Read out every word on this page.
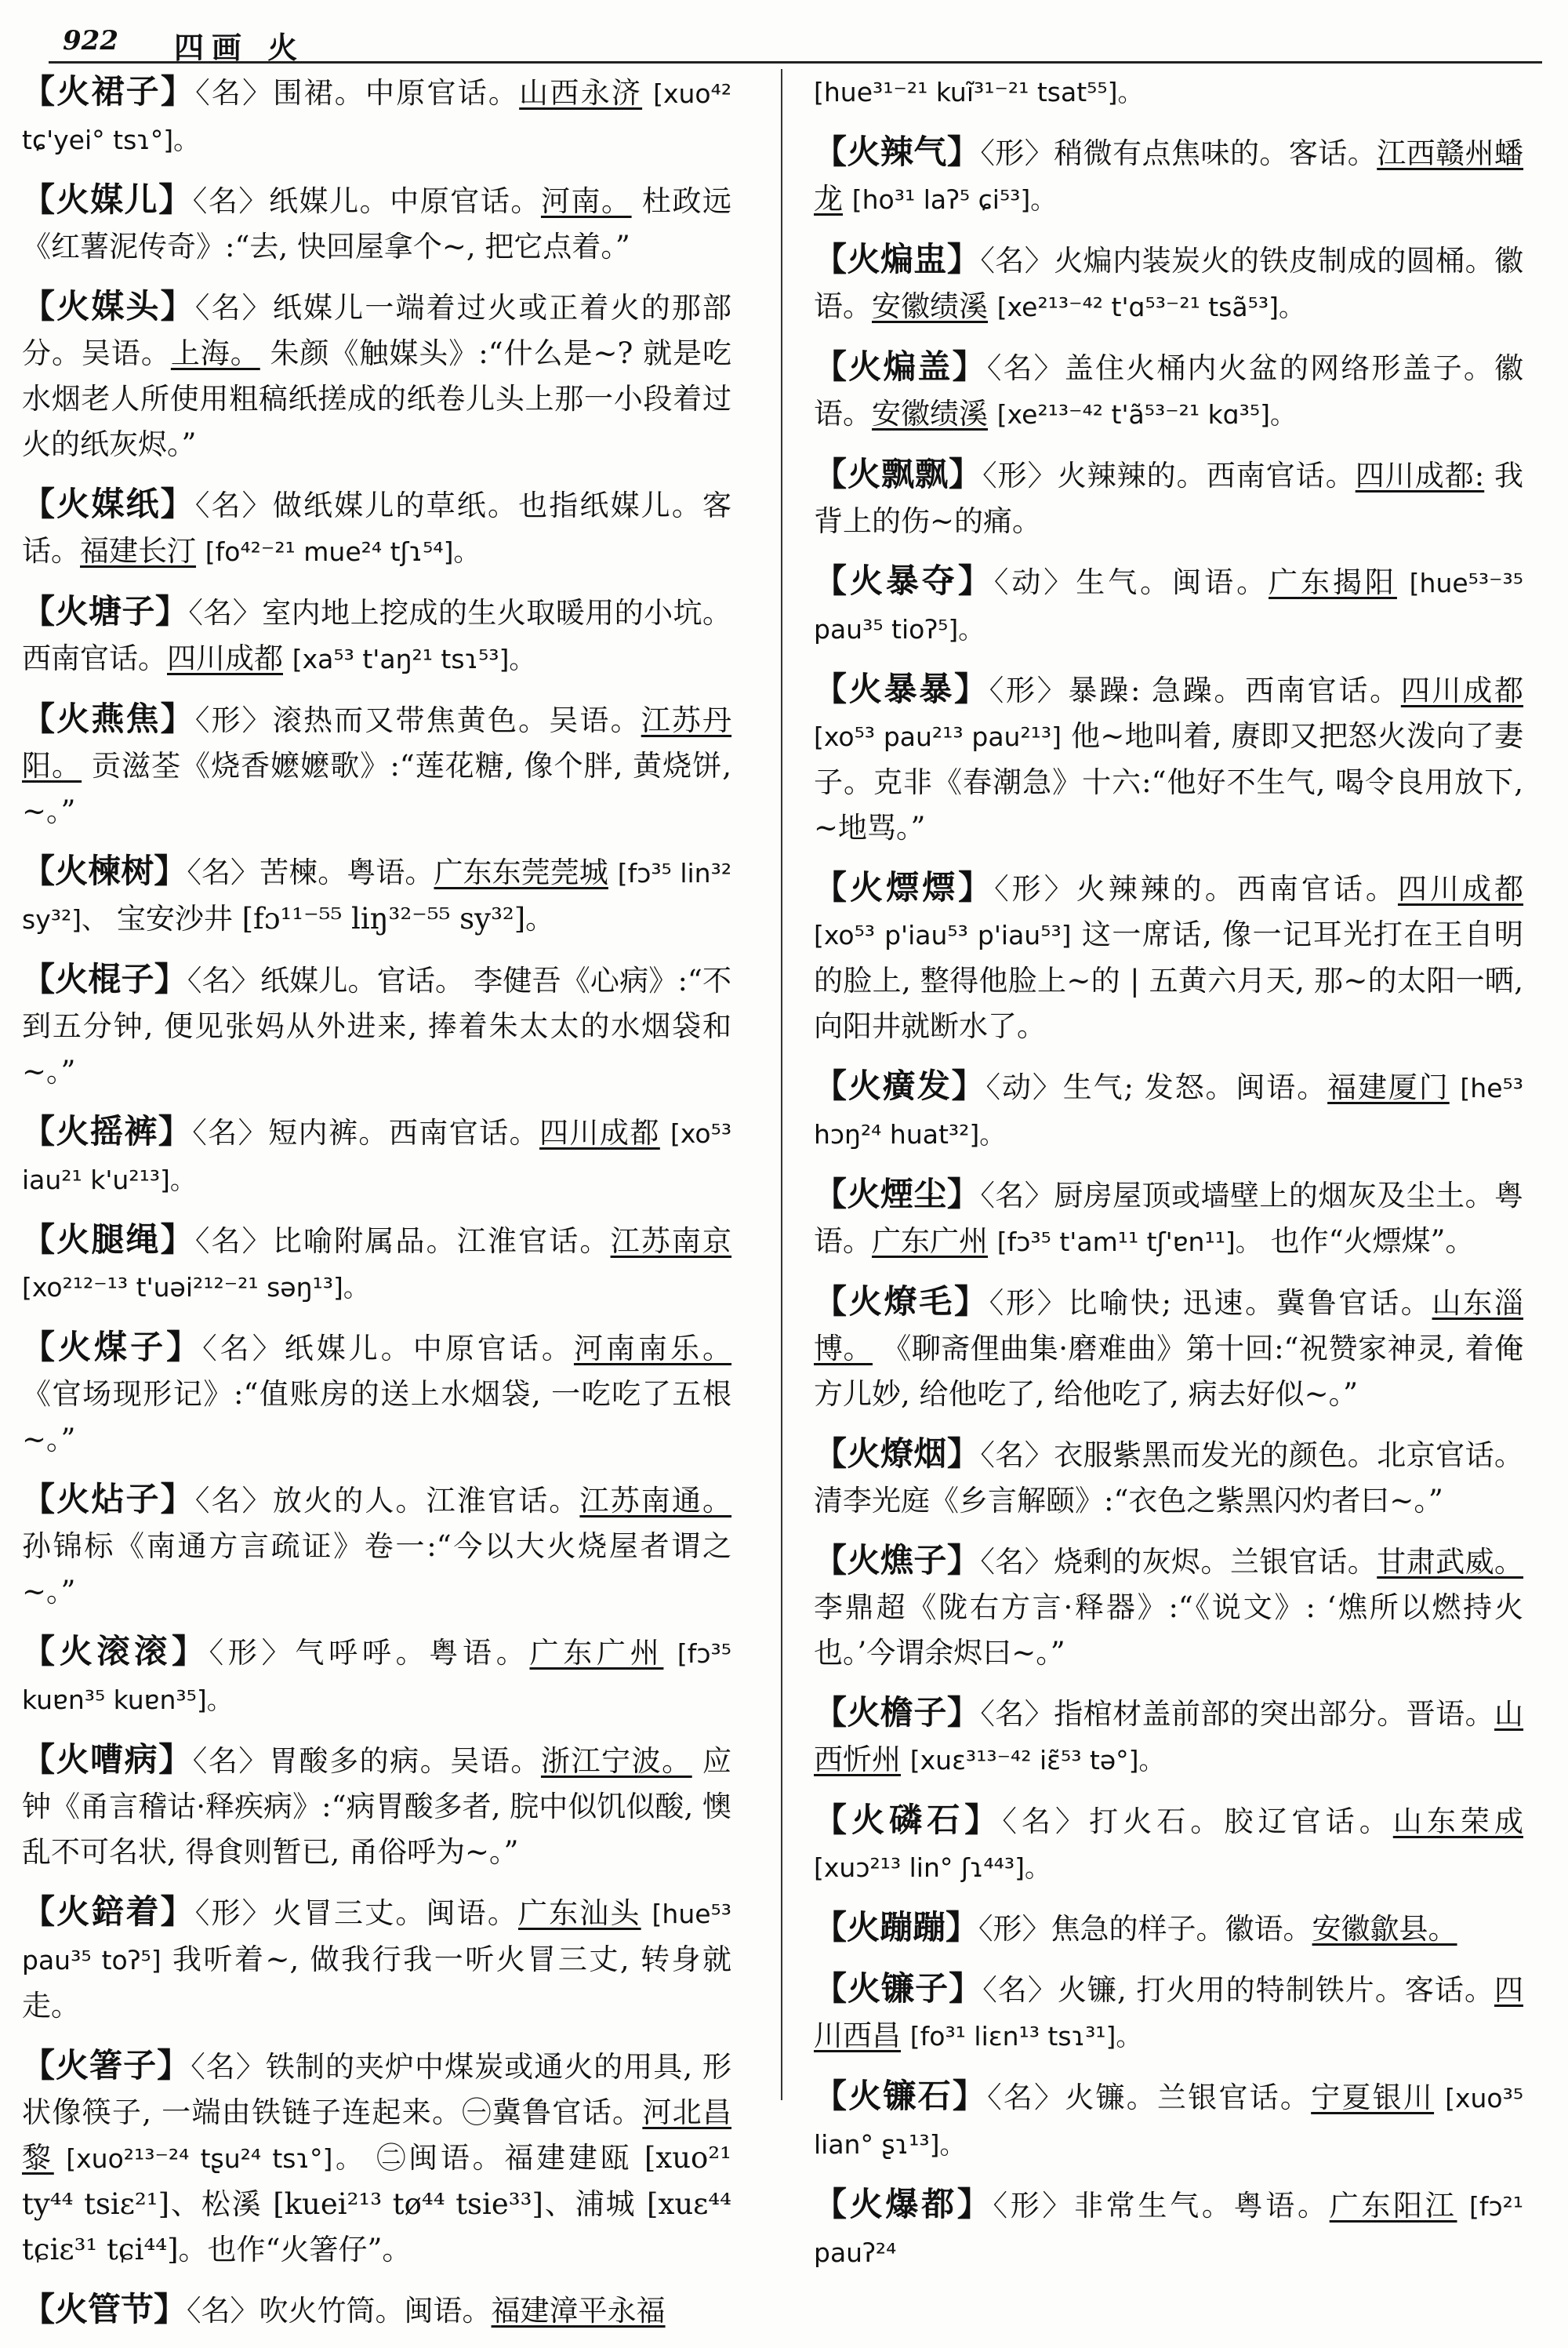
922 四画 火

【 火裙子 】 〈 名 〉 围裙。中原官话。山西永济 [xuo⁴² tɕ'yei° tsɿ°]。

【 火媒儿 】 〈 名 〉 纸媒儿。中原官话。河南。 杜政远《红薯泥传奇》:“去, 快回屋拿个~, 把它点着。”

【 火媒头 】 〈 名 〉 纸媒儿一端着过火或正着火的那部分。吴语。上海。 朱颜《触媒头》:“什么是~? 就是吃水烟老人所使用粗稿纸搓成的纸卷儿头上那一小段着过火的纸灰烬。”

【 火媒纸 】 〈 名 〉 做纸媒儿的草纸。也指纸媒儿。客话。福建长汀 [fo⁴²⁻²¹ mue²⁴ tʃɿ⁵⁴]。

【 火塘子 】 〈 名 〉 室内地上挖成的生火取暖用的小坑。西南官话。四川成都 [xa⁵³ t'aŋ²¹ tsɿ⁵³]。

【 火燕焦 】 〈 形 〉 滚热而又带焦黄色。吴语。江苏丹阳。 贡滋荃《烧香嬷嬷歌》:“莲花糖, 像个胖, 黄烧饼, ~。”

【 火楝树 】 〈 名 〉 苦楝。粤语。广东东莞莞城 [fɔ³⁵ lin³² sy³²]、 宝安沙井 [fɔ¹¹⁻⁵⁵ liŋ³²⁻⁵⁵ sy³²]。

【 火棍子 】 〈 名 〉 纸媒儿。官话。 李健吾《心病》:“不到五分钟, 便见张妈从外进来, 捧着朱太太的水烟袋和~。”

【 火摇裤 】 〈 名 〉 短内裤。西南官话。四川成都 [xo⁵³ iau²¹ k'u²¹³]。

【 火腿绳 】 〈 名 〉 比喻附属品。江淮官话。江苏南京 [xo²¹²⁻¹³ t'uəi²¹²⁻²¹ səŋ¹³]。

【 火煤子 】 〈 名 〉 纸媒儿。中原官话。河南南乐。 《官场现形记》:“值账房的送上水烟袋, 一吃吃了五根~。”

【 火炶子 】 〈 名 〉 放火的人。江淮官话。江苏南通。 孙锦标《南通方言疏证》卷一:“今以大火烧屋者谓之~。”

【 火滚滚 】 〈 形 〉 气呼呼。粤语。广东广州 [fɔ³⁵ kuɐn³⁵ kuɐn³⁵]。

【 火嘈病 】 〈 名 〉 胃酸多的病。吴语。浙江宁波。 应钟《甬言稽诂·释疾病》:“病胃酸多者, 脘中似饥似酸, 懊乱不可名状, 得食则暂已, 甬俗呼为~。”

【 火錇着 】 〈 形 〉 火冒三丈。闽语。广东汕头 [hue⁵³ pau³⁵ toʔ⁵] 我听着~, 做我行我一听火冒三丈, 转身就走。

【 火箸子 】 〈 名 〉 铁制的夹炉中煤炭或通火的用具, 形状像筷子, 一端由铁链子连起来。㊀冀鲁官话。河北昌黎 [xuo²¹³⁻²⁴ tʂu²⁴ tsɿ°]。 ㊁闽语。福建建瓯 [xuo²¹ ty⁴⁴ tsiɛ²¹]、松溪 [kuei²¹³ tø⁴⁴ tsie³³]、浦城 [xuɛ⁴⁴ tɕiɛ³¹ tɕi⁴⁴]。也作“火箸仔”。

【 火管节 】 〈 名 〉 吹火竹筒。闽语。福建漳平永福

[hue³¹⁻²¹ kuĩ³¹⁻²¹ tsat⁵⁵]。

【 火辣气 】 〈 形 〉 稍微有点焦味的。客话。江西赣州蟠龙 [ho³¹ laʔ⁵ ɕi⁵³]。

【 火煸盅 】 〈 名 〉 火煸内装炭火的铁皮制成的圆桶。徽语。安徽绩溪 [xe²¹³⁻⁴² t'ɑ⁵³⁻²¹ tsã⁵³]。

【 火煸盖 】 〈 名 〉 盖住火桶内火盆的网络形盖子。徽语。安徽绩溪 [xe²¹³⁻⁴² t'ã⁵³⁻²¹ kɑ³⁵]。

【 火飘飘 】 〈 形 〉 火辣辣的。西南官话。四川成都: 我背上的伤~的痛。

【 火暴夺 】 〈 动 〉 生气。闽语。广东揭阳 [hue⁵³⁻³⁵ pau³⁵ tioʔ⁵]。

【 火暴暴 】 〈 形 〉 暴躁: 急躁。西南官话。四川成都 [xo⁵³ pau²¹³ pau²¹³] 他~地叫着, 赓即又把怒火泼向了妻子。克非《春潮急》十六:“他好不生气, 喝令良用放下, ~地骂。”

【 火熛熛 】 〈 形 〉 火辣辣的。西南官话。四川成都 [xo⁵³ p'iau⁵³ p'iau⁵³] 这一席话, 像一记耳光打在王自明的脸上, 整得他脸上~的 | 五黄六月天, 那~的太阳一晒, 向阳井就断水了。

【 火癀发 】 〈 动 〉 生气; 发怒。闽语。福建厦门 [he⁵³ hɔŋ²⁴ huat³²]。

【 火煙尘 】 〈 名 〉 厨房屋顶或墙壁上的烟灰及尘土。粤语。广东广州 [fɔ³⁵ t'am¹¹ tʃ'ɐn¹¹]。 也作“火熛煤”。

【 火燎毛 】 〈 形 〉 比喻快; 迅速。冀鲁官话。山东淄博。 《聊斋俚曲集·磨难曲》第十回:“祝赞家神灵, 着俺方儿妙, 给他吃了, 给他吃了, 病去好似~。”

【 火燎烟 】 〈 名 〉 衣服紫黑而发光的颜色。北京官话。 清李光庭《乡言解颐》:“衣色之紫黑闪灼者曰~。”

【 火燋子 】 〈 名 〉 烧剩的灰烬。兰银官话。甘肃武威。 李鼎超《陇右方言·释器》:“《说文》: ‘燋所以燃持火也。’今谓余烬曰~。”

【 火檐子 】 〈 名 〉 指棺材盖前部的突出部分。晋语。山西忻州 [xuɛ³¹³⁻⁴² iɛ̃⁵³ tə°]。

【 火磷石 】 〈 名 〉 打火石。胶辽官话。山东荣成 [xuɔ²¹³ lin° ʃɿ⁴⁴³]。

【 火蹦蹦 】 〈 形 〉 焦急的样子。徽语。安徽歙县。

【 火镰子 】 〈 名 〉 火镰, 打火用的特制铁片。客话。四川西昌 [fo³¹ liɛn¹³ tsɿ³¹]。

【 火镰石 】 〈 名 〉 火镰。兰银官话。宁夏银川 [xuo³⁵ lian° ʂɿ¹³]。

【 火爆都 】 〈 形 〉 非常生气。粤语。广东阳江 [fɔ²¹ pauʔ²⁴
